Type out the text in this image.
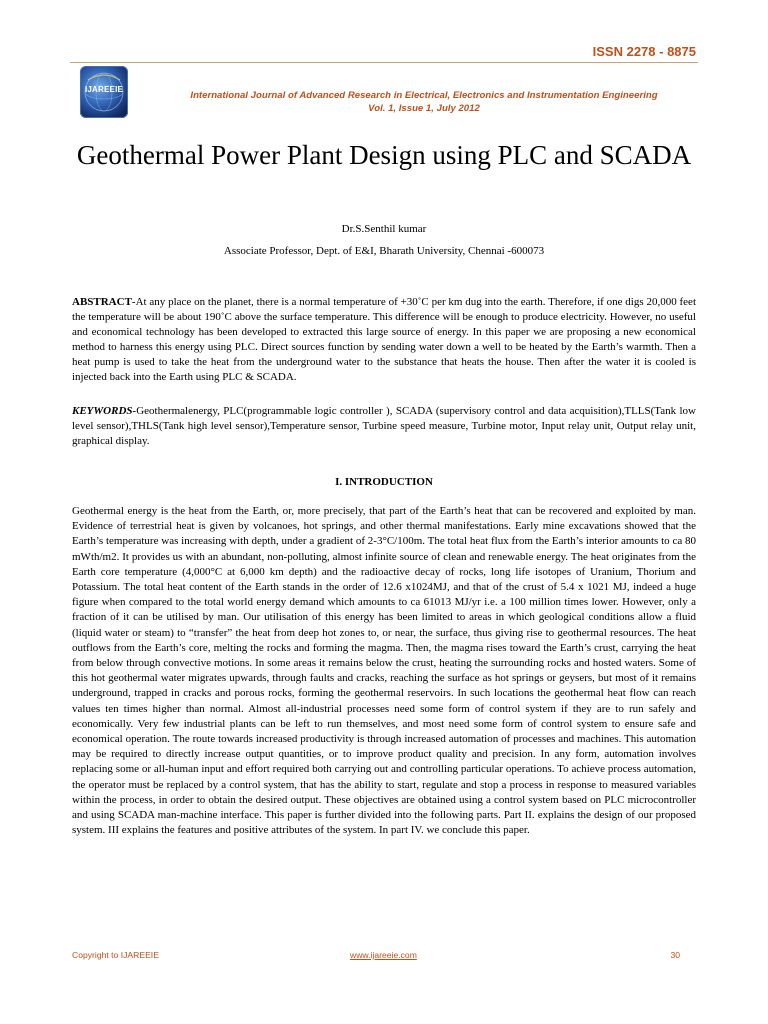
ISSN 2278 - 8875
IJAREEIE
International Journal of Advanced Research in Electrical, Electronics and Instrumentation Engineering
Vol. 1, Issue 1, July 2012
Geothermal Power Plant Design using PLC and SCADA
Dr.S.Senthil kumar
Associate Professor, Dept. of E&I, Bharath University, Chennai -600073
ABSTRACT-At any place on the planet, there is a normal temperature of +30˚C per km dug into the earth. Therefore, if one digs 20,000 feet the temperature will be about 190˚C above the surface temperature. This difference will be enough to produce electricity. However, no useful and economical technology has been developed to extracted this large source of energy. In this paper we are proposing a new economical method to harness this energy using PLC. Direct sources function by sending water down a well to be heated by the Earth’s warmth. Then a heat pump is used to take the heat from the underground water to the substance that heats the house. Then after the water it is cooled is injected back into the Earth using PLC & SCADA.
KEYWORDS-Geothermalenergy, PLC(programmable logic controller ), SCADA (supervisory control and data acquisition),TLLS(Tank low level sensor),THLS(Tank high level sensor),Temperature sensor, Turbine speed measure, Turbine motor, Input relay unit, Output relay unit, graphical display.
I. INTRODUCTION
Geothermal energy is the heat from the Earth, or, more precisely, that part of the Earth’s heat that can be recovered and exploited by man. Evidence of terrestrial heat is given by volcanoes, hot springs, and other thermal manifestations. Early mine excavations showed that the Earth’s temperature was increasing with depth, under a gradient of 2-3°C/100m. The total heat flux from the Earth’s interior amounts to ca 80 mWth/m2. It provides us with an abundant, non-polluting, almost infinite source of clean and renewable energy. The heat originates from the Earth core temperature (4,000°C at 6,000 km depth) and the radioactive decay of rocks, long life isotopes of Uranium, Thorium and Potassium. The total heat content of the Earth stands in the order of 12.6 x1024MJ, and that of the crust of 5.4 x 1021 MJ, indeed a huge figure when compared to the total world energy demand which amounts to ca 61013 MJ/yr i.e. a 100 million times lower. However, only a fraction of it can be utilised by man. Our utilisation of this energy has been limited to areas in which geological conditions allow a fluid (liquid water or steam) to “transfer” the heat from deep hot zones to, or near, the surface, thus giving rise to geothermal resources. The heat outflows from the Earth’s core, melting the rocks and forming the magma. Then, the magma rises toward the Earth’s crust, carrying the heat from below through convective motions. In some areas it remains below the crust, heating the surrounding rocks and hosted waters. Some of this hot geothermal water migrates upwards, through faults and cracks, reaching the surface as hot springs or geysers, but most of it remains underground, trapped in cracks and porous rocks, forming the geothermal reservoirs. In such locations the geothermal heat flow can reach values ten times higher than normal. Almost all-industrial processes need some form of control system if they are to run safely and economically. Very few industrial plants can be left to run themselves, and most need some form of control system to ensure safe and economical operation. The route towards increased productivity is through increased automation of processes and machines. This automation may be required to directly increase output quantities, or to improve product quality and precision. In any form, automation involves replacing some or all-human input and effort required both carrying out and controlling particular operations. To achieve process automation, the operator must be replaced by a control system, that has the ability to start, regulate and stop a process in response to measured variables within the process, in order to obtain the desired output. These objectives are obtained using a control system based on PLC microcontroller and using SCADA man-machine interface. This paper is further divided into the following parts. Part II. explains the design of our proposed system. III explains the features and positive attributes of the system. In part IV. we conclude this paper.
Copyright to IJAREEIE	www.ijareeie.com	30
